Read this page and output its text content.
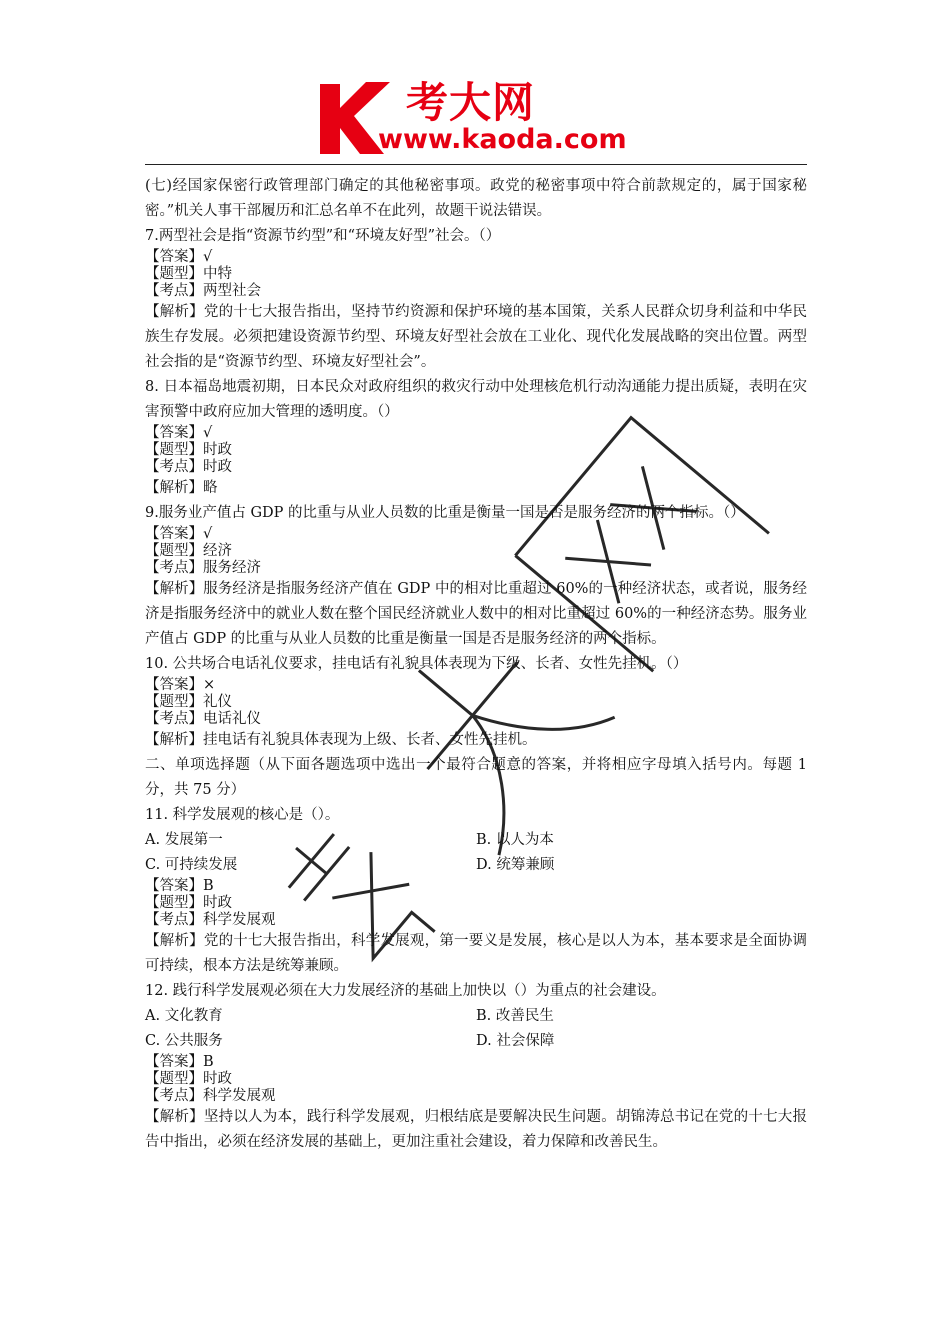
考大网
www.kaoda.com

(七)经国家保密行政管理部门确定的其他秘密事项。政党的秘密事项中符合前款规定的，属于国家秘密。”机关人事干部履历和汇总名单不在此列，故题干说法错误。

7.两型社会是指“资源节约型”和“环境友好型”社会。（）

【答案】√

【题型】中特

【考点】两型社会

【解析】党的十七大报告指出，坚持节约资源和保护环境的基本国策，关系人民群众切身利益和中华民族生存发展。必须把建设资源节约型、环境友好型社会放在工业化、现代化发展战略的突出位置。两型社会指的是“资源节约型、环境友好型社会”。

8. 日本福岛地震初期，日本民众对政府组织的救灾行动中处理核危机行动沟通能力提出质疑，表明在灾害预警中政府应加大管理的透明度。（）

【答案】√

【题型】时政

【考点】时政

【解析】略

9.服务业产值占 GDP 的比重与从业人员数的比重是衡量一国是否是服务经济的两个指标。（）

【答案】√

【题型】经济

【考点】服务经济

【解析】服务经济是指服务经济产值在 GDP 中的相对比重超过 60%的一种经济状态，或者说，服务经济是指服务经济中的就业人数在整个国民经济就业人数中的相对比重超过 60%的一种经济态势。服务业产值占 GDP 的比重与从业人员数的比重是衡量一国是否是服务经济的两个指标。

10. 公共场合电话礼仪要求，挂电话有礼貌具体表现为下级、长者、女性先挂机。（）

【答案】×

【题型】礼仪

【考点】电话礼仪

【解析】挂电话有礼貌具体表现为上级、长者、女性先挂机。

二、单项选择题（从下面各题选项中选出一个最符合题意的答案，并将相应字母填入括号内。每题 1 分，共 75 分）

11. 科学发展观的核心是（）。

A. 发展第一	B. 以人为本
C. 可持续发展	D. 统筹兼顾

【答案】B

【题型】时政

【考点】科学发展观

【解析】党的十七大报告指出，科学发展观，第一要义是发展，核心是以人为本，基本要求是全面协调可持续，根本方法是统筹兼顾。

12. 践行科学发展观必须在大力发展经济的基础上加快以（）为重点的社会建设。

A. 文化教育	B. 改善民生
C. 公共服务	D. 社会保障

【答案】B

【题型】时政

【考点】科学发展观

【解析】坚持以人为本，践行科学发展观，归根结底是要解决民生问题。胡锦涛总书记在党的十七大报告中指出，必须在经济发展的基础上，更加注重社会建设，着力保障和改善民生。
